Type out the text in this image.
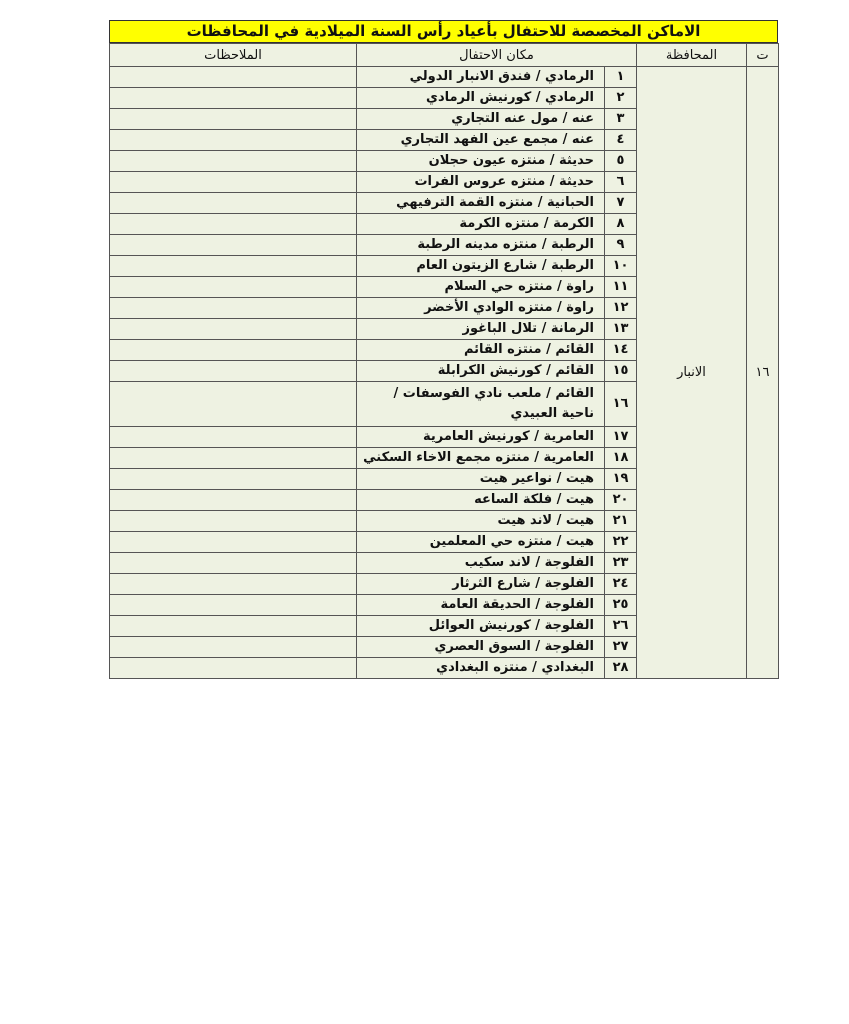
الاماكن المخصصة للاحتفال بأعياد رأس السنة الميلادية في المحافظات
ت	المحافظة	مكان الاحتفال		الملاحظات
١٦	الانبار	١	الرمادي / فندق الانبار الدولي	
		٢	الرمادي / كورنيش الرمادي	
		٣	عنه / مول عنه التجاري	
		٤	عنه / مجمع عين الفهد التجاري	
		٥	حديثة / منتزه عيون حجلان	
		٦	حديثة / منتزه عروس الفرات	
		٧	الحبانية / منتزه القمة الترفيهي	
		٨	الكرمة / منتزه الكرمة	
		٩	الرطبة / منتزه مدينه الرطبة	
		١٠	الرطبة / شارع الزيتون العام	
		١١	راوة / منتزه حي السلام	
		١٢	راوة / منتزه الوادي الأخضر	
		١٣	الرمانة / تلال الباغوز	
		١٤	القائم / منتزه القائم	
		١٥	القائم / كورنيش الكرابلة	
		١٦	القائم / ملعب نادي الفوسفات / ناحية العبيدي	
		١٧	العامرية / كورنيش العامرية	
		١٨	العامرية / منتزه مجمع الاخاء السكني	
		١٩	هيت / نواعير هيت	
		٢٠	هيت / فلكة الساعه	
		٢١	هيت / لاند هيت	
		٢٢	هيت / منتزه حي المعلمين	
		٢٣	الفلوجة / لاند سكيب	
		٢٤	الفلوجة / شارع الثرثار	
		٢٥	الفلوجة / الحديقة العامة	
		٢٦	الفلوجة / كورنيش العوائل	
		٢٧	الفلوجة / السوق العصري	
		٢٨	البغدادي / منتزه البغدادي	
